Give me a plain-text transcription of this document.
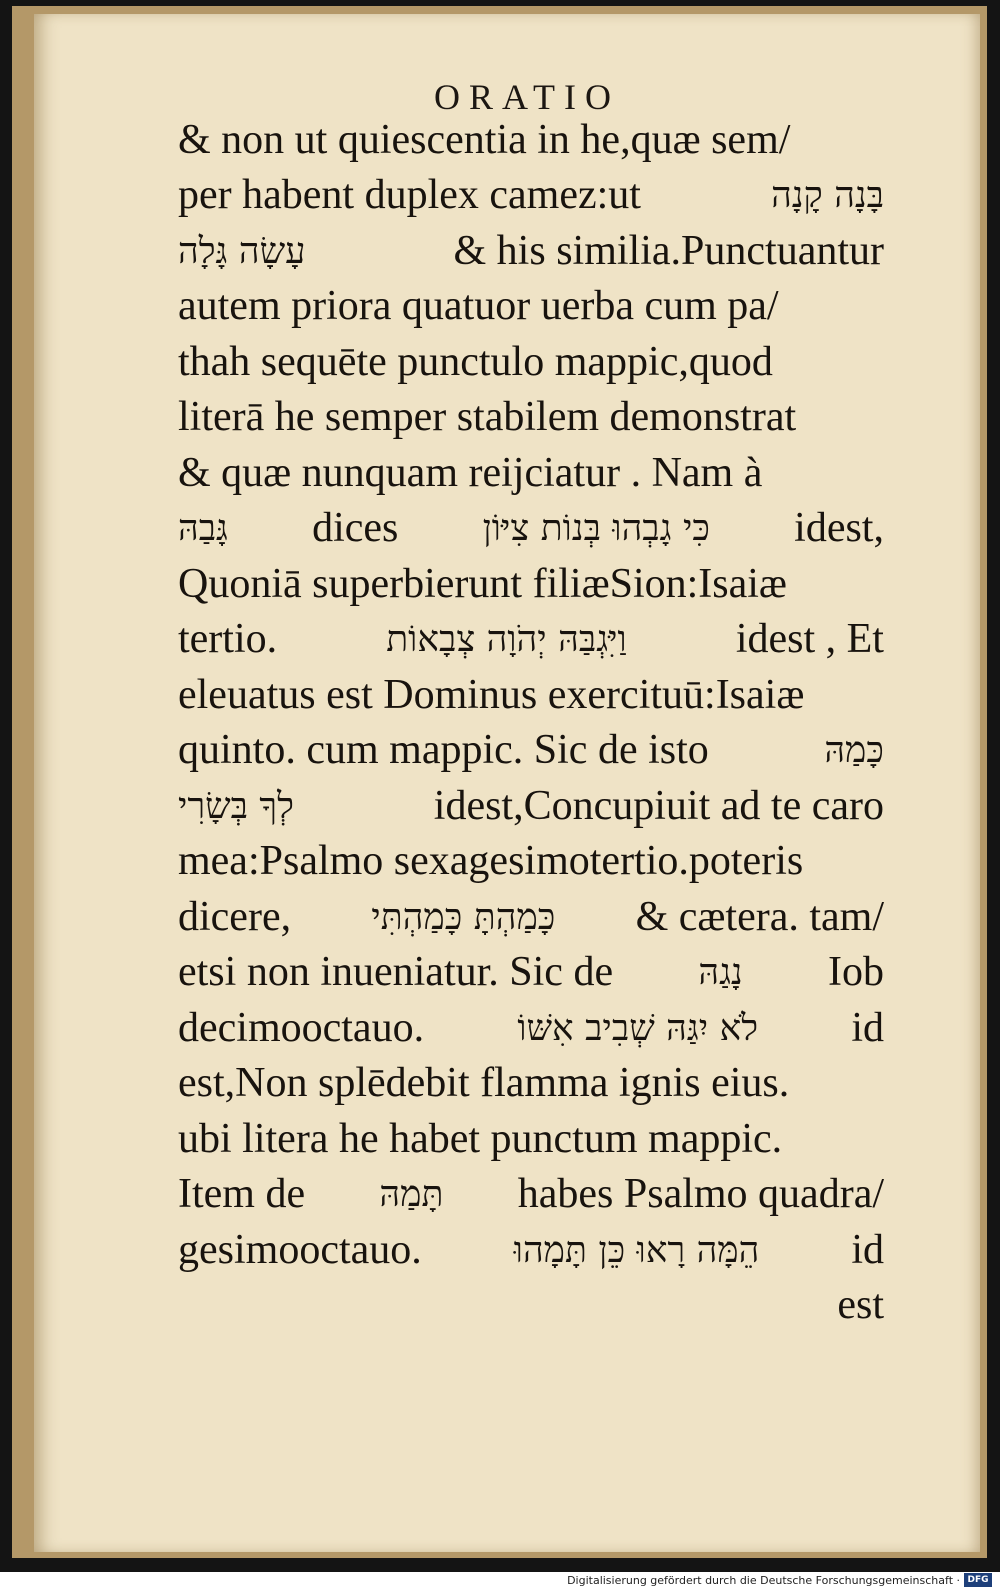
ORATIO
& non ut quiescentia in he,quæ sem/
per habent duplex camez:ut	בָּנָה קָנָה
עָשָׂה גָּלָה	& his similia.Punctuantur
autem priora quatuor uerba cum pa/
thah sequēte punctulo mappic,quod
literā he semper stabilem demonstrat
& quæ nunquam reijciatur . Nam à
גָּבַהּ dices כִּי גָבְהוּ בְּנוֹת צִיּוֹן idest,
Quoniā superbierunt filiæSion:Isaiæ
tertio.	וַיִּגְבַּהּ יְהֹוָה צְבָאוֹת	idest , Et
eleuatus est Dominus exercituū:Isaiæ
quinto. cum mappic. Sic de isto	כָּמַהּ
לְךָ בְּשָׂרִי	idest,Concupiuit ad te caro
mea:Psalmo sexagesimotertio.poteris
dicere, כָּמַהְתָּ כָּמַהְתִּי & cætera. tam/
etsi non inueniatur. Sic de נָגַהּ Iob
decimooctauo.	לֹא יִגַּהּ שְׁבִיב אִשּׁוֹ id
est,Non splēdebit flamma ignis eius.
ubi litera he habet punctum mappic.
Item de תָּמַהּ habes Psalmo quadra/
gesimooctauo.	הֵמָּה רָאוּ כֵּן תָּמָהוּ id
est
Digitalisierung gefördert durch die Deutsche Forschungsgemeinschaft · DFG
